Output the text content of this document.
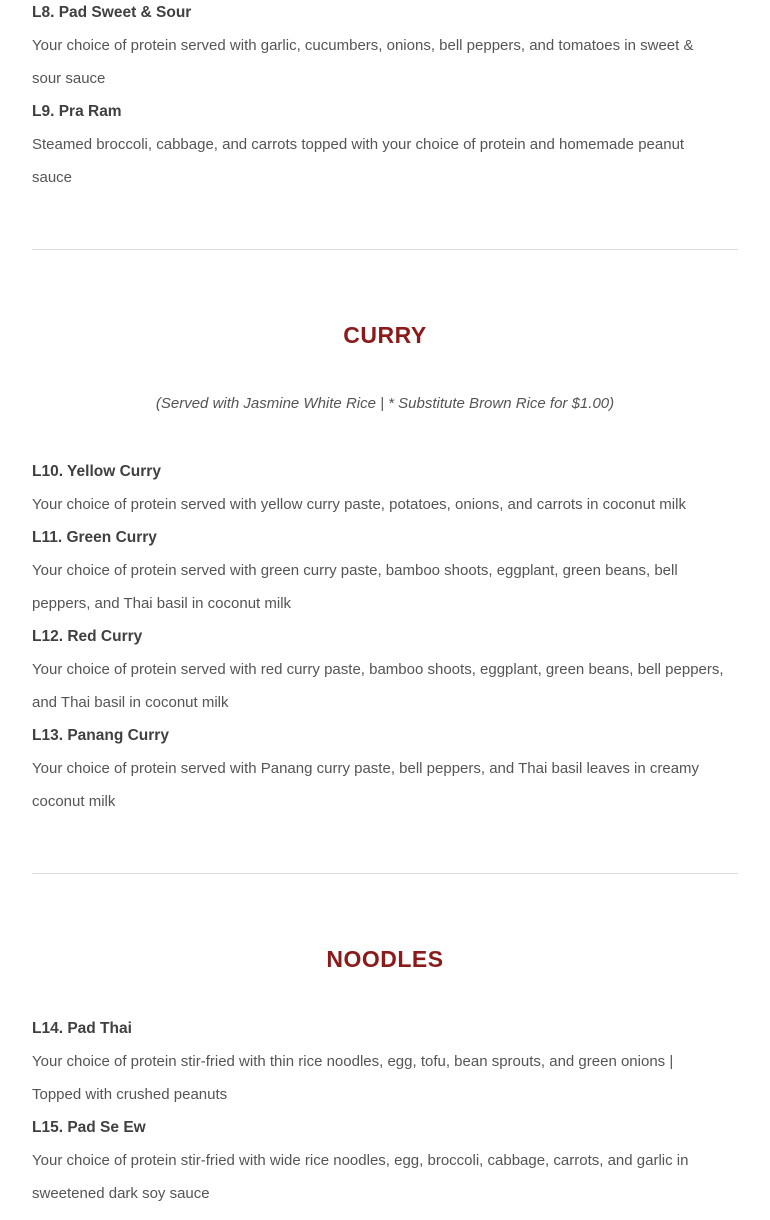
L8. Pad Sweet & Sour
Your choice of protein served with garlic, cucumbers, onions, bell peppers, and tomatoes in sweet & sour sauce
L9. Pra Ram
Steamed broccoli, cabbage, and carrots topped with your choice of protein and homemade peanut sauce
CURRY
(Served with Jasmine White Rice | * Substitute Brown Rice for $1.00)
L10. Yellow Curry
Your choice of protein served with yellow curry paste, potatoes, onions, and carrots in coconut milk
L11. Green Curry
Your choice of protein served with green curry paste, bamboo shoots, eggplant, green beans, bell peppers, and Thai basil in coconut milk
L12. Red Curry
Your choice of protein served with red curry paste, bamboo shoots, eggplant, green beans, bell peppers, and Thai basil in coconut milk
L13. Panang Curry
Your choice of protein served with Panang curry paste, bell peppers, and Thai basil leaves in creamy coconut milk
NOODLES
L14. Pad Thai
Your choice of protein stir-fried with thin rice noodles, egg, tofu, bean sprouts, and green onions | Topped with crushed peanuts
L15. Pad Se Ew
Your choice of protein stir-fried with wide rice noodles, egg, broccoli, cabbage, carrots, and garlic in sweetened dark soy sauce
